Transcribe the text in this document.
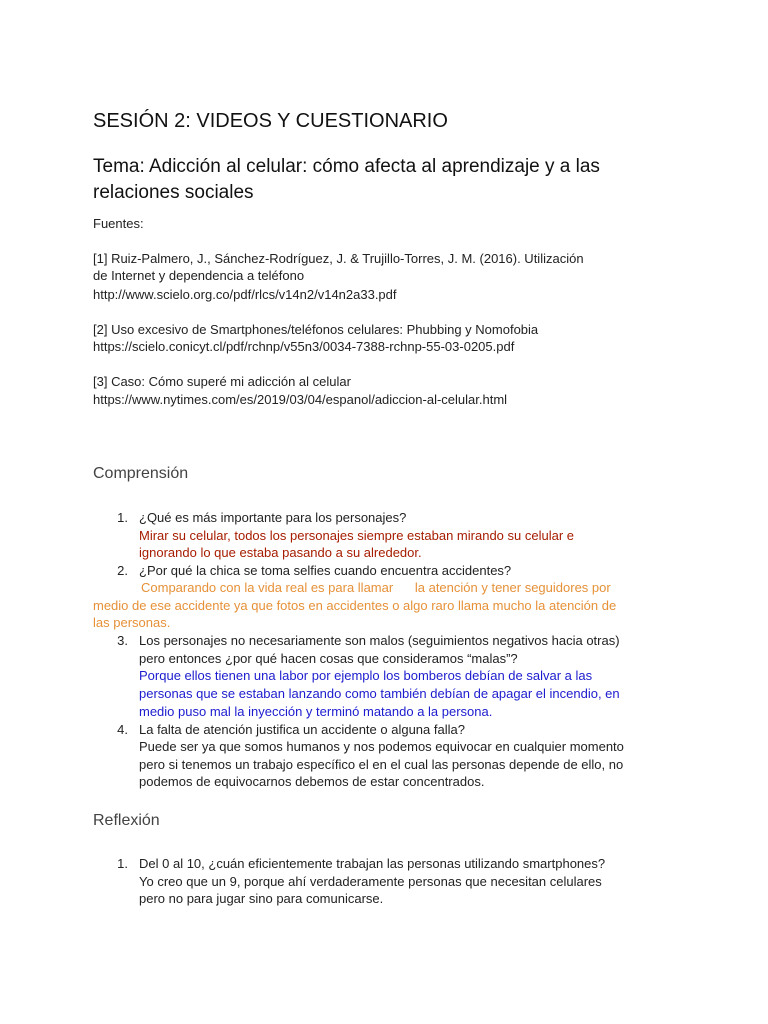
SESIÓN 2: VIDEOS Y CUESTIONARIO
Tema: Adicción al celular: cómo afecta al aprendizaje y a las
relaciones sociales
Fuentes:
[1] Ruiz-Palmero, J., Sánchez-Rodríguez, J. & Trujillo-Torres, J. M. (2016). Utilización
de Internet y dependencia a teléfono
http://www.scielo.org.co/pdf/rlcs/v14n2/v14n2a33.pdf
[2] Uso excesivo de Smartphones/teléfonos celulares: Phubbing y Nomofobia
https://scielo.conicyt.cl/pdf/rchnp/v55n3/0034-7388-rchnp-55-03-0205.pdf
[3] Caso: Cómo superé mi adicción al celular
https://www.nytimes.com/es/2019/03/04/espanol/adiccion-al-celular.html
Comprensión
1. ¿Qué es más importante para los personajes?
Mirar su celular, todos los personajes siempre estaban mirando su celular e
ignorando lo que estaba pasando a su alrededor.
2. ¿Por qué la chica se toma selfies cuando encuentra accidentes?
Comparando con la vida real es para llamar      la atención y tener seguidores por
medio de ese accidente ya que fotos en accidentes o algo raro llama mucho la atención de
las personas.
3. Los personajes no necesariamente son malos (seguimientos negativos hacia otras)
pero entonces ¿por qué hacen cosas que consideramos “malas”?
Porque ellos tienen una labor por ejemplo los bomberos debían de salvar a las
personas que se estaban lanzando como también debían de apagar el incendio, en
medio puso mal la inyección y terminó matando a la persona.
4. La falta de atención justifica un accidente o alguna falla?
Puede ser ya que somos humanos y nos podemos equivocar en cualquier momento
pero si tenemos un trabajo específico el en el cual las personas depende de ello, no
podemos de equivocarnos debemos de estar concentrados.
Reflexión
1. Del 0 al 10, ¿cuán eficientemente trabajan las personas utilizando smartphones?
Yo creo que un 9, porque ahí verdaderamente personas que necesitan celulares
pero no para jugar sino para comunicarse.
